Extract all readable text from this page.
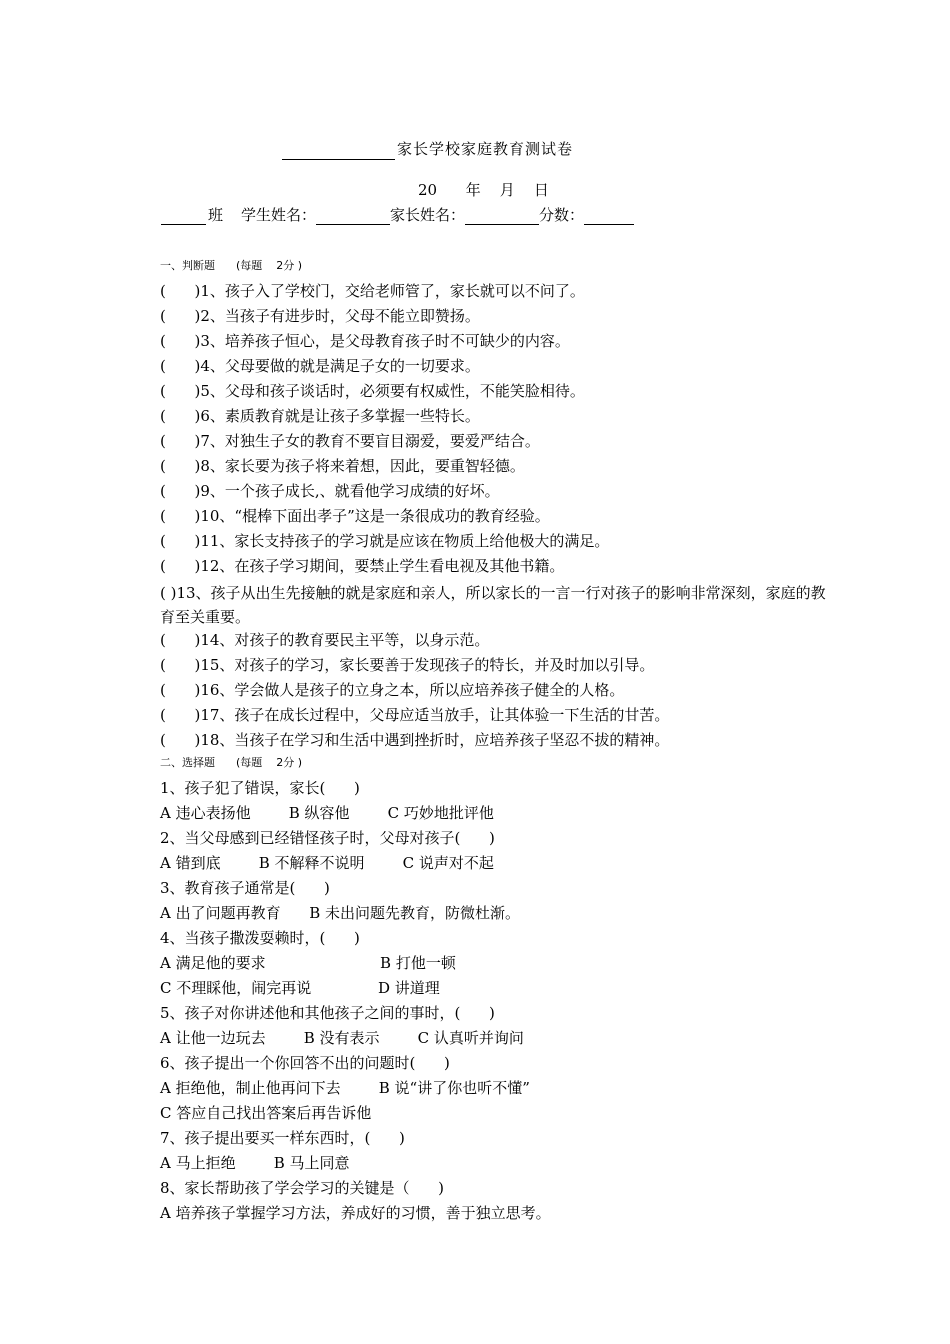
家长学校家庭教育测试卷
20      年    月    日
班 学生姓名：	家长姓名：	分数：
一、判断题      (每题    2分 )
(      )1、孩子入了学校门，交给老师管了，家长就可以不问了。
(      )2、当孩子有进步时，父母不能立即赞扬。
(      )3、培养孩子恒心，是父母教育孩子时不可缺少的内容。
(      )4、父母要做的就是满足子女的一切要求。
(      )5、父母和孩子谈话时，必须要有权威性，不能笑脸相待。
(      )6、素质教育就是让孩子多掌握一些特长。
(      )7、对独生子女的教育不要盲目溺爱，要爱严结合。
(      )8、家长要为孩子将来着想，因此，要重智轻德。
(      )9、一个孩子成长,、就看他学习成绩的好坏。
(      )10、“棍棒下面出孝子”这是一条很成功的教育经验。
(      )11、家长支持孩子的学习就是应该在物质上给他极大的满足。
(      )12、在孩子学习期间，要禁止学生看电视及其他书籍。
( )13、孩子从出生先接触的就是家庭和亲人，所以家长的一言一行对孩子的影响非常深刻，家庭的教育至关重要。
(      )14、对孩子的教育要民主平等，以身示范。
(      )15、对孩子的学习，家长要善于发现孩子的特长，并及时加以引导。
(      )16、学会做人是孩子的立身之本，所以应培养孩子健全的人格。
(      )17、孩子在成长过程中，父母应适当放手，让其体验一下生活的甘苦。
(      )18、当孩子在学习和生活中遇到挫折时，应培养孩子坚忍不拔的精神。
二、选择题      (每题    2分 )
1、孩子犯了错误，家长(      )
A 违心表扬他        B 纵容他        C 巧妙地批评他
2、当父母感到已经错怪孩子时，父母对孩子(      )
A 错到底        B 不解释不说明        C 说声对不起
3、教育孩子通常是(      )
A 出了问题再教育      B 未出问题先教育，防微杜渐。
4、当孩子撒泼耍赖时，(      )
A 满足他的要求                        B 打他一顿
C 不理睬他，闹完再说              D 讲道理
5、孩子对你讲述他和其他孩子之间的事时，(      )
A 让他一边玩去        B 没有表示        C 认真听并询问
6、孩子提出一个你回答不出的问题时(      )
A 拒绝他，制止他再问下去        B 说“讲了你也听不懂”
C 答应自己找出答案后再告诉他
7、孩子提出要买一样东西时，(      )
A 马上拒绝        B 马上同意
8、家长帮助孩了学会学习的关键是（      )
A 培养孩子掌握学习方法，养成好的习惯，善于独立思考。
